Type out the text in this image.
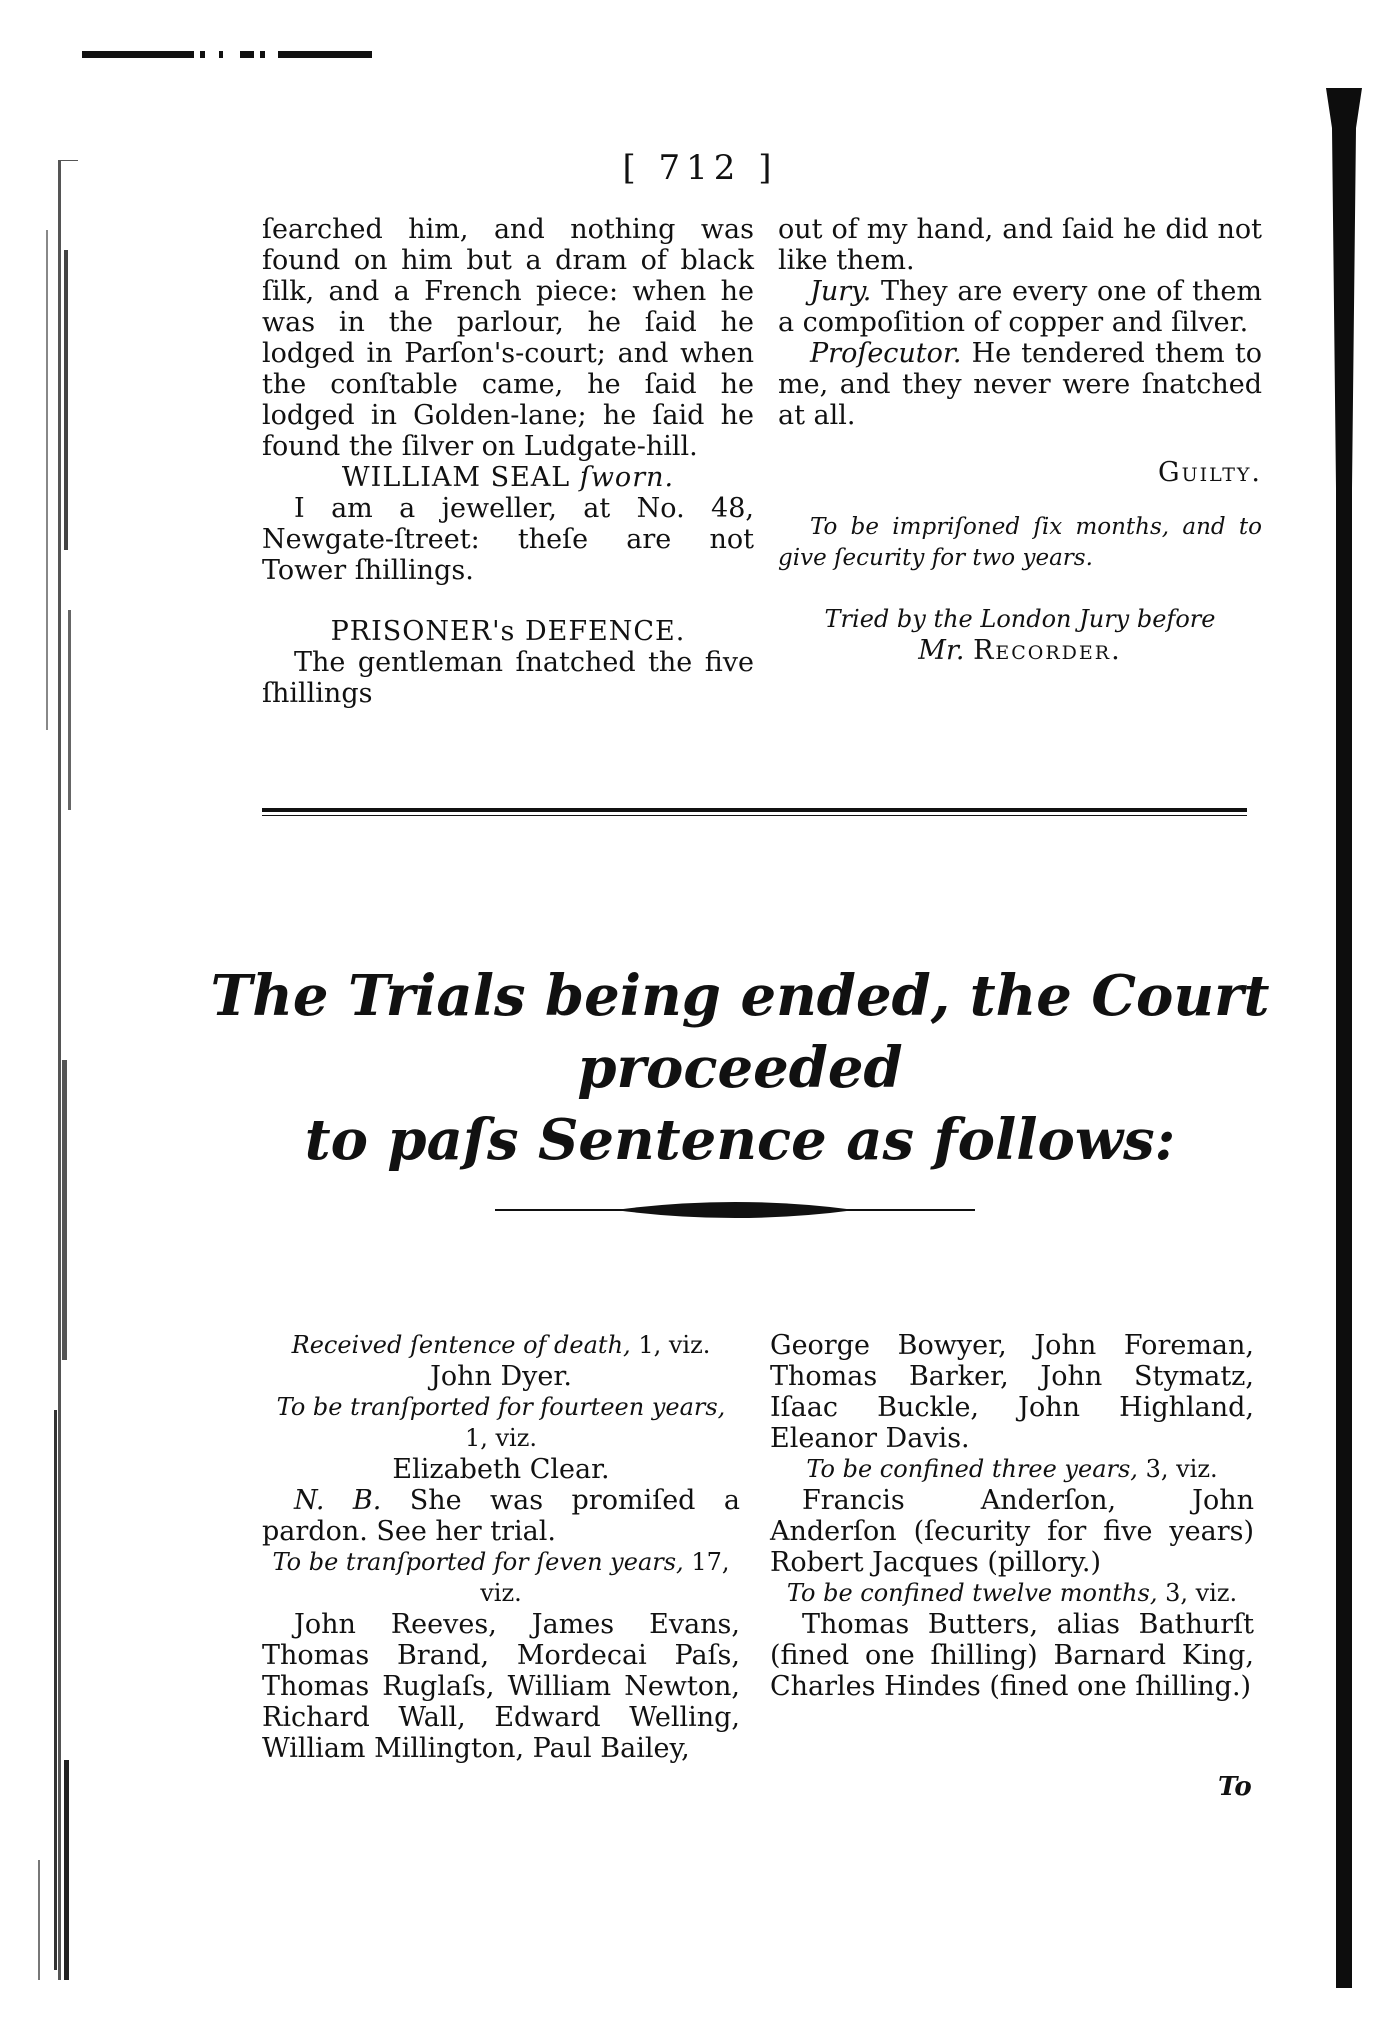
[ 712 ]

ſearched him, and nothing was found on him but a dram of black ſilk, and a French piece: when he was in the parlour, he ſaid he lodged in Parſon's-court; and when the conſtable came, he ſaid he lodged in Golden-lane; he ſaid he found the ſilver on Ludgate-hill.

WILLIAM SEAL ſworn.

I am a jeweller, at No. 48, Newgate-ſtreet: theſe are not Tower ſhillings.

PRISONER's DEFENCE.

The gentleman ſnatched the five ſhillings

out of my hand, and ſaid he did not like them.

Jury. They are every one of them a compoſition of copper and ſilver.

Proſecutor. He tendered them to me, and they never were ſnatched at all.

Guilty.

To be impriſoned ſix months, and to give ſecurity for two years.

Tried by the London Jury before

Mr. Recorder.

The Trials being ended, the Court proceeded
to paſs Sentence as follows:

Received ſentence of death, 1, viz.

John Dyer.

To be tranſported for fourteen years, 1, viz.

Elizabeth Clear.

N. B. She was promiſed a pardon. See her trial.

To be tranſported for ſeven years, 17, viz.

John Reeves, James Evans, Thomas Brand, Mordecai Paſs, Thomas Ruglaſs, William Newton, Richard Wall, Edward Welling, William Millington, Paul Bailey,

George Bowyer, John Foreman, Thomas Barker, John Stymatz, Iſaac Buckle, John Highland, Eleanor Davis.

To be confined three years, 3, viz.

Francis Anderſon, John Anderſon (ſecurity for five years) Robert Jacques (pillory.)

To be confined twelve months, 3, viz.

Thomas Butters, alias Bathurſt (fined one ſhilling) Barnard King, Charles Hindes (fined one ſhilling.)

To
